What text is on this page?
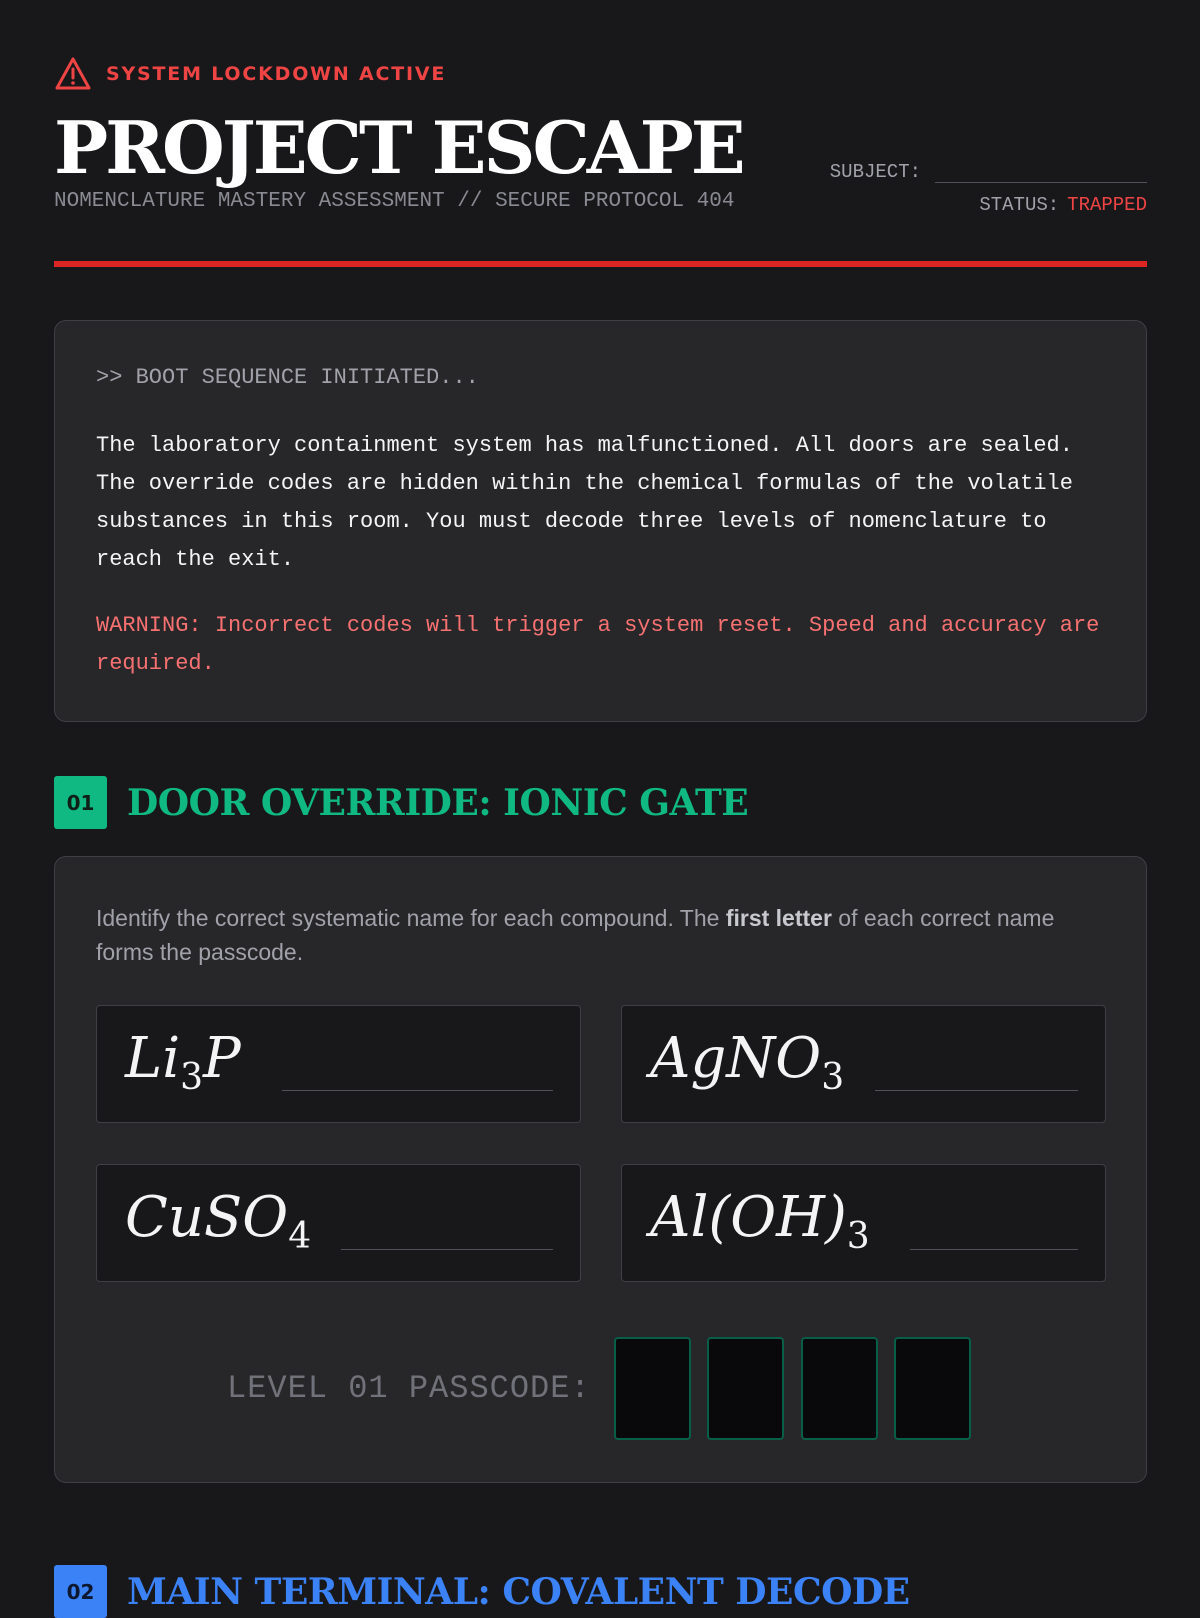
SYSTEM LOCKDOWN ACTIVE
PROJECT ESCAPE
NOMENCLATURE MASTERY ASSESSMENT // SECURE PROTOCOL 404
SUBJECT:
STATUS: TRAPPED
>> BOOT SEQUENCE INITIATED...
The laboratory containment system has malfunctioned. All doors are sealed. The override codes are hidden within the chemical formulas of the volatile substances in this room. You must decode three levels of nomenclature to reach the exit.
WARNING: Incorrect codes will trigger a system reset. Speed and accuracy are required.
01 DOOR OVERRIDE: IONIC GATE
Identify the correct systematic name for each compound. The first letter of each correct name forms the passcode.
$Li_3P$	AgNO$_3$
CuSO$_4$	$Al(OH)_3$
LEVEL 01 PASSCODE:
02 MAIN TERMINAL: COVALENT DECODE
